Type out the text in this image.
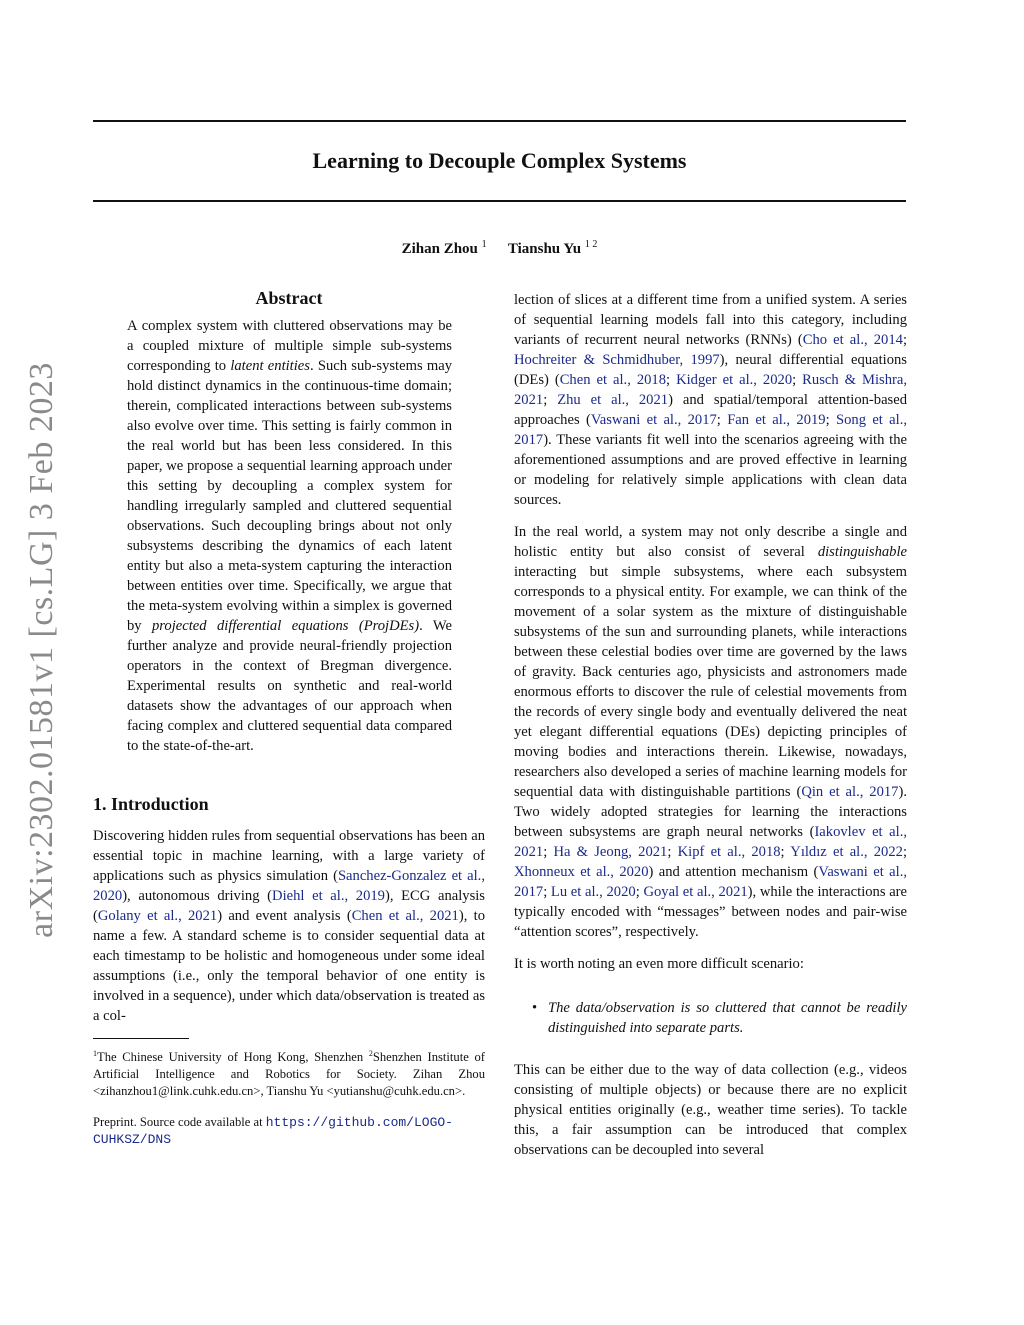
arXiv:2302.01581v1 [cs.LG] 3 Feb 2023
Learning to Decouple Complex Systems
Zihan Zhou $^1$ Tianshu Yu $^{1 2}$
Abstract

A complex system with cluttered observations may be a coupled mixture of multiple simple sub-systems corresponding to latent entities. Such sub-systems may hold distinct dynamics in the continuous-time domain; therein, complicated interactions between sub-systems also evolve over time. This setting is fairly common in the real world but has been less considered. In this paper, we propose a sequential learning approach under this setting by decoupling a complex system for handling irregularly sampled and cluttered sequential observations. Such decoupling brings about not only subsystems describing the dynamics of each latent entity but also a meta-system capturing the interaction between entities over time. Specifically, we argue that the meta-system evolving within a simplex is governed by projected differential equations (ProjDEs). We further analyze and provide neural-friendly projection operators in the context of Bregman divergence. Experimental results on synthetic and real-world datasets show the advantages of our approach when facing complex and cluttered sequential data compared to the state-of-the-art.

1. Introduction

Discovering hidden rules from sequential observations has been an essential topic in machine learning, with a large variety of applications such as physics simulation (Sanchez-Gonzalez et al., 2020), autonomous driving (Diehl et al., 2019), ECG analysis (Golany et al., 2021) and event analysis (Chen et al., 2021), to name a few. A standard scheme is to consider sequential data at each timestamp to be holistic and homogeneous under some ideal assumptions (i.e., only the temporal behavior of one entity is involved in a sequence), under which data/observation is treated as a col-

$^1$The Chinese University of Hong Kong, Shenzhen $^2$Shenzhen Institute of Artificial Intelligence and Robotics for Society. Zihan Zhou <zihanzhou1@link.cuhk.edu.cn>, Tianshu Yu <yutianshu@cuhk.edu.cn>.

Preprint. Source code available at https://github.com/LOGO-CUHKSZ/DNS

lection of slices at a different time from a unified system. A series of sequential learning models fall into this category, including variants of recurrent neural networks (RNNs) (Cho et al., 2014; Hochreiter & Schmidhuber, 1997), neural differential equations (DEs) (Chen et al., 2018; Kidger et al., 2020; Rusch & Mishra, 2021; Zhu et al., 2021) and spatial/temporal attention-based approaches (Vaswani et al., 2017; Fan et al., 2019; Song et al., 2017). These variants fit well into the scenarios agreeing with the aforementioned assumptions and are proved effective in learning or modeling for relatively simple applications with clean data sources.

In the real world, a system may not only describe a single and holistic entity but also consist of several distinguishable interacting but simple subsystems, where each subsystem corresponds to a physical entity. For example, we can think of the movement of a solar system as the mixture of distinguishable subsystems of the sun and surrounding planets, while interactions between these celestial bodies over time are governed by the laws of gravity. Back centuries ago, physicists and astronomers made enormous efforts to discover the rule of celestial movements from the records of every single body and eventually delivered the neat yet elegant differential equations (DEs) depicting principles of moving bodies and interactions therein. Likewise, nowadays, researchers also developed a series of machine learning models for sequential data with distinguishable partitions (Qin et al., 2017). Two widely adopted strategies for learning the interactions between subsystems are graph neural networks (Iakovlev et al., 2021; Ha & Jeong, 2021; Kipf et al., 2018; Yıldız et al., 2022; Xhonneux et al., 2020) and attention mechanism (Vaswani et al., 2017; Lu et al., 2020; Goyal et al., 2021), while the interactions are typically encoded with “messages” between nodes and pair-wise “attention scores”, respectively.

It is worth noting an even more difficult scenario:

• The data/observation is so cluttered that cannot be readily distinguished into separate parts.

This can be either due to the way of data collection (e.g., videos consisting of multiple objects) or because there are no explicit physical entities originally (e.g., weather time series). To tackle this, a fair assumption can be introduced that complex observations can be decoupled into several
